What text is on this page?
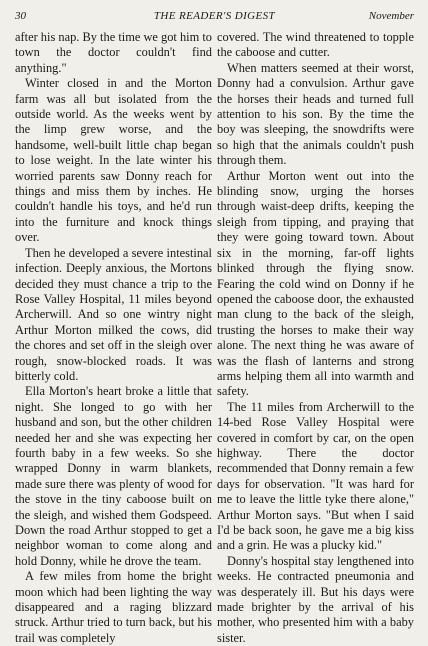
30	THE READER'S DIGEST	November

after his nap. By the time we got him to town the doctor couldn't find anything."

Winter closed in and the Morton farm was all but isolated from the outside world. As the weeks went by the limp grew worse, and the handsome, well-built little chap began to lose weight. In the late winter his worried parents saw Donny reach for things and miss them by inches. He couldn't handle his toys, and he'd run into the furniture and knock things over.

Then he developed a severe intestinal infection. Deeply anxious, the Mortons decided they must chance a trip to the Rose Valley Hospital, 11 miles beyond Archerwill. And so one wintry night Arthur Morton milked the cows, did the chores and set off in the sleigh over rough, snow-blocked roads. It was bitterly cold.

Ella Morton's heart broke a little that night. She longed to go with her husband and son, but the other children needed her and she was expecting her fourth baby in a few weeks. So she wrapped Donny in warm blankets, made sure there was plenty of wood for the stove in the tiny caboose built on the sleigh, and wished them Godspeed. Down the road Arthur stopped to get a neighbor woman to come along and hold Donny, while he drove the team.

A few miles from home the bright moon which had been lighting the way disappeared and a raging blizzard struck. Arthur tried to turn back, but his trail was completely

covered. The wind threatened to topple the caboose and cutter.

When matters seemed at their worst, Donny had a convulsion. Arthur gave the horses their heads and turned full attention to his son. By the time the boy was sleeping, the snowdrifts were so high that the animals couldn't push through them.

Arthur Morton went out into the blinding snow, urging the horses through waist-deep drifts, keeping the sleigh from tipping, and praying that they were going toward town. About six in the morning, far-off lights blinked through the flying snow. Fearing the cold wind on Donny if he opened the caboose door, the exhausted man clung to the back of the sleigh, trusting the horses to make their way alone. The next thing he was aware of was the flash of lanterns and strong arms helping them all into warmth and safety.

The 11 miles from Archerwill to the 14-bed Rose Valley Hospital were covered in comfort by car, on the open highway. There the doctor recommended that Donny remain a few days for observation. "It was hard for me to leave the little tyke there alone," Arthur Morton says. "But when I said I'd be back soon, he gave me a big kiss and a grin. He was a plucky kid."

Donny's hospital stay lengthened into weeks. He contracted pneumonia and was desperately ill. But his days were made brighter by the arrival of his mother, who presented him with a baby sister.
